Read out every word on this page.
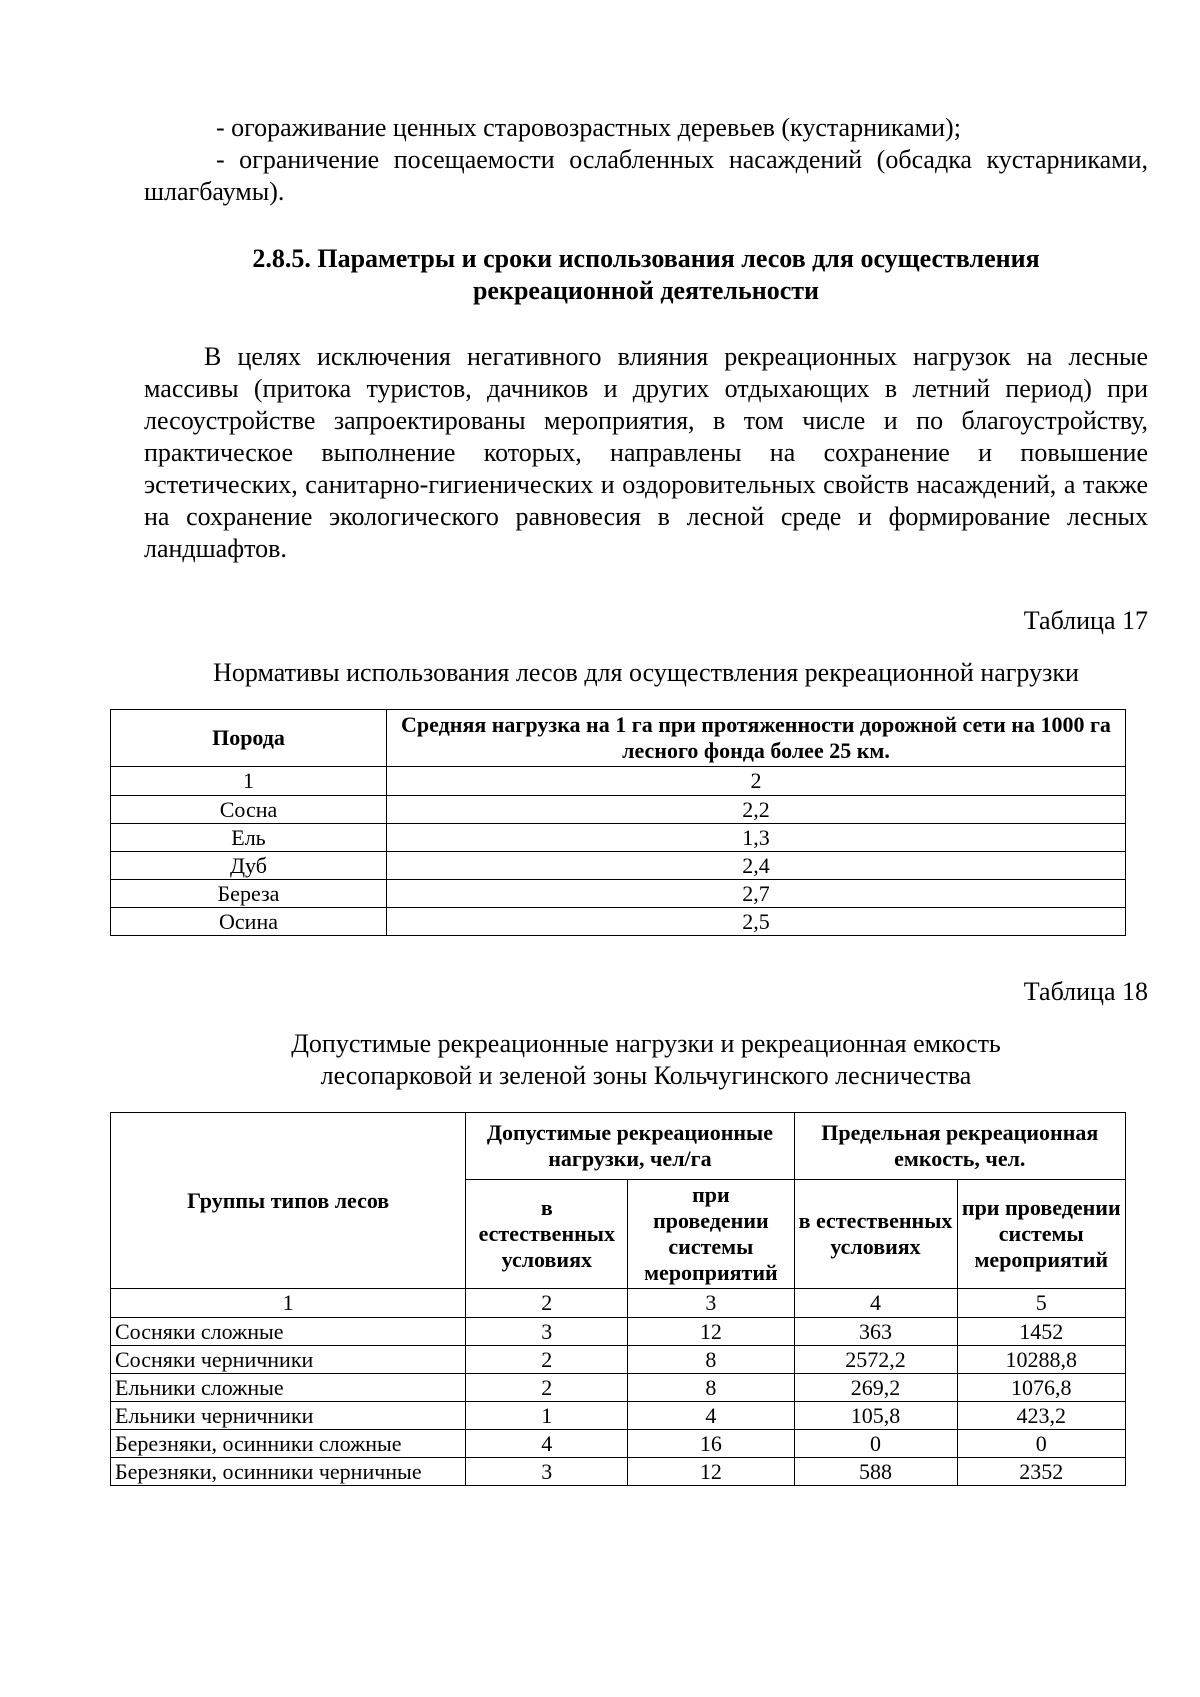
- огораживание ценных старовозрастных деревьев (кустарниками);

- ограничение посещаемости ослабленных насаждений (обсадка кустарниками, шлагбаумы).

2.8.5. Параметры и сроки использования лесов для осуществления
рекреационной деятельности

В целях исключения негативного влияния рекреационных нагрузок на лесные массивы (притока туристов, дачников и других отдыхающих в летний период) при лесоустройстве запроектированы мероприятия, в том числе и по благоустройству, практическое выполнение которых, направлены на сохранение и повышение эстетических, санитарно-гигиенических и оздоровительных свойств насаждений, а также на сохранение экологического равновесия в лесной среде и формирование лесных ландшафтов.

Таблица 17
Нормативы использования лесов для осуществления рекреационной нагрузки
Порода	Средняя нагрузка на 1 га при протяженности дорожной сети на 1000 га лесного фонда более 25 км.
1	2
Сосна	2,2
Ель	1,3
Дуб	2,4
Береза	2,7
Осина	2,5
Таблица 18
Допустимые рекреационные нагрузки и рекреационная емкость
лесопарковой и зеленой зоны Кольчугинского лесничества
Группы типов лесов	Допустимые рекреационные нагрузки, чел/га		Предельная рекреационная емкость, чел.	
	в естественных условиях	при проведении системы мероприятий	в естественных условиях	при проведении системы мероприятий
1	2	3	4	5
Сосняки сложные	3	12	363	1452
Сосняки черничники	2	8	2572,2	10288,8
Ельники сложные	2	8	269,2	1076,8
Ельники черничники	1	4	105,8	423,2
Березняки, осинники сложные	4	16	0	0
Березняки, осинники черничные	3	12	588	2352
